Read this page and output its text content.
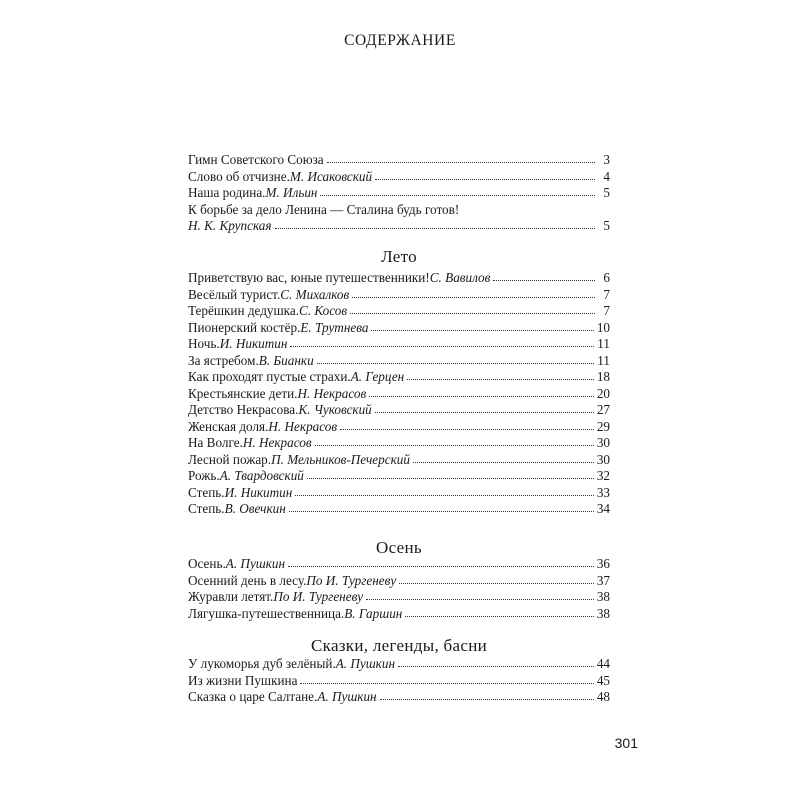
СОДЕРЖАНИЕ
Гимн Советского Союза	3
Слово об отчизне. М. Исаковский	4
Наша родина. М. Ильин	5
К борьбе за дело Ленина — Сталина будь готов!
Н. К. Крупская	5
Лето
Приветствую вас, юные путешественники! С. Вавилов	6
Весёлый турист. С. Михалков	7
Терёшкин дедушка. С. Косов	7
Пионерский костёр. Е. Трутнева	10
Ночь. И. Никитин	11
За ястребом. В. Бианки	11
Как проходят пустые страхи. А. Герцен	18
Крестьянские дети. Н. Некрасов	20
Детство Некрасова. К. Чуковский	27
Женская доля. Н. Некрасов	29
На Волге. Н. Некрасов	30
Лесной пожар. П. Мельников-Печерский	30
Рожь. А. Твардовский	32
Степь. И. Никитин	33
Степь. В. Овечкин	34
Осень
Осень. А. Пушкин	36
Осенний день в лесу. По И. Тургеневу	37
Журавли летят. По И. Тургеневу	38
Лягушка-путешественница. В. Гаршин	38
Сказки, легенды, басни
У лукоморья дуб зелёный. А. Пушкин	44
Из жизни Пушкина	45
Сказка о царе Салтане. А. Пушкин	48
301
